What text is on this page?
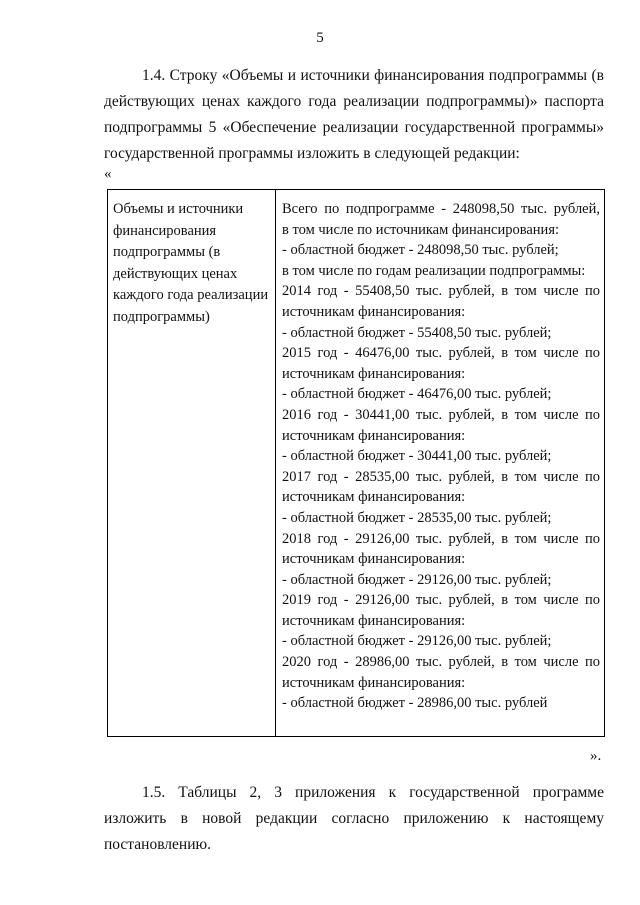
5
1.4. Строку «Объемы и источники финансирования подпрограммы (в действующих ценах каждого года реализации подпрограммы)» паспорта подпрограммы 5 «Обеспечение реализации государственной программы» государственной программы изложить в следующей редакции:
«
Объемы и источники финансирования подпрограммы (в действующих ценах каждого года реализации подпрограммы)
Всего по подпрограмме - 248098,50 тыс. рублей,
в том числе по источникам финансирования:
- областной бюджет - 248098,50 тыс. рублей;
в том числе по годам реализации подпрограммы:
2014 год - 55408,50 тыс. рублей, в том числе по
источникам финансирования:
- областной бюджет - 55408,50 тыс. рублей;
2015 год - 46476,00 тыс. рублей, в том числе по
источникам финансирования:
- областной бюджет - 46476,00 тыс. рублей;
2016 год - 30441,00 тыс. рублей, в том числе по
источникам финансирования:
- областной бюджет - 30441,00 тыс. рублей;
2017 год - 28535,00 тыс. рублей, в том числе по
источникам финансирования:
- областной бюджет - 28535,00 тыс. рублей;
2018 год - 29126,00 тыс. рублей, в том числе по
источникам финансирования:
- областной бюджет - 29126,00 тыс. рублей;
2019 год - 29126,00 тыс. рублей, в том числе по
источникам финансирования:
- областной бюджет - 29126,00 тыс. рублей;
2020 год - 28986,00 тыс. рублей, в том числе по
источникам финансирования:
- областной бюджет - 28986,00 тыс. рублей
».
1.5. Таблицы 2, 3 приложения к государственной программе изложить в новой редакции согласно приложению к настоящему постановлению.
